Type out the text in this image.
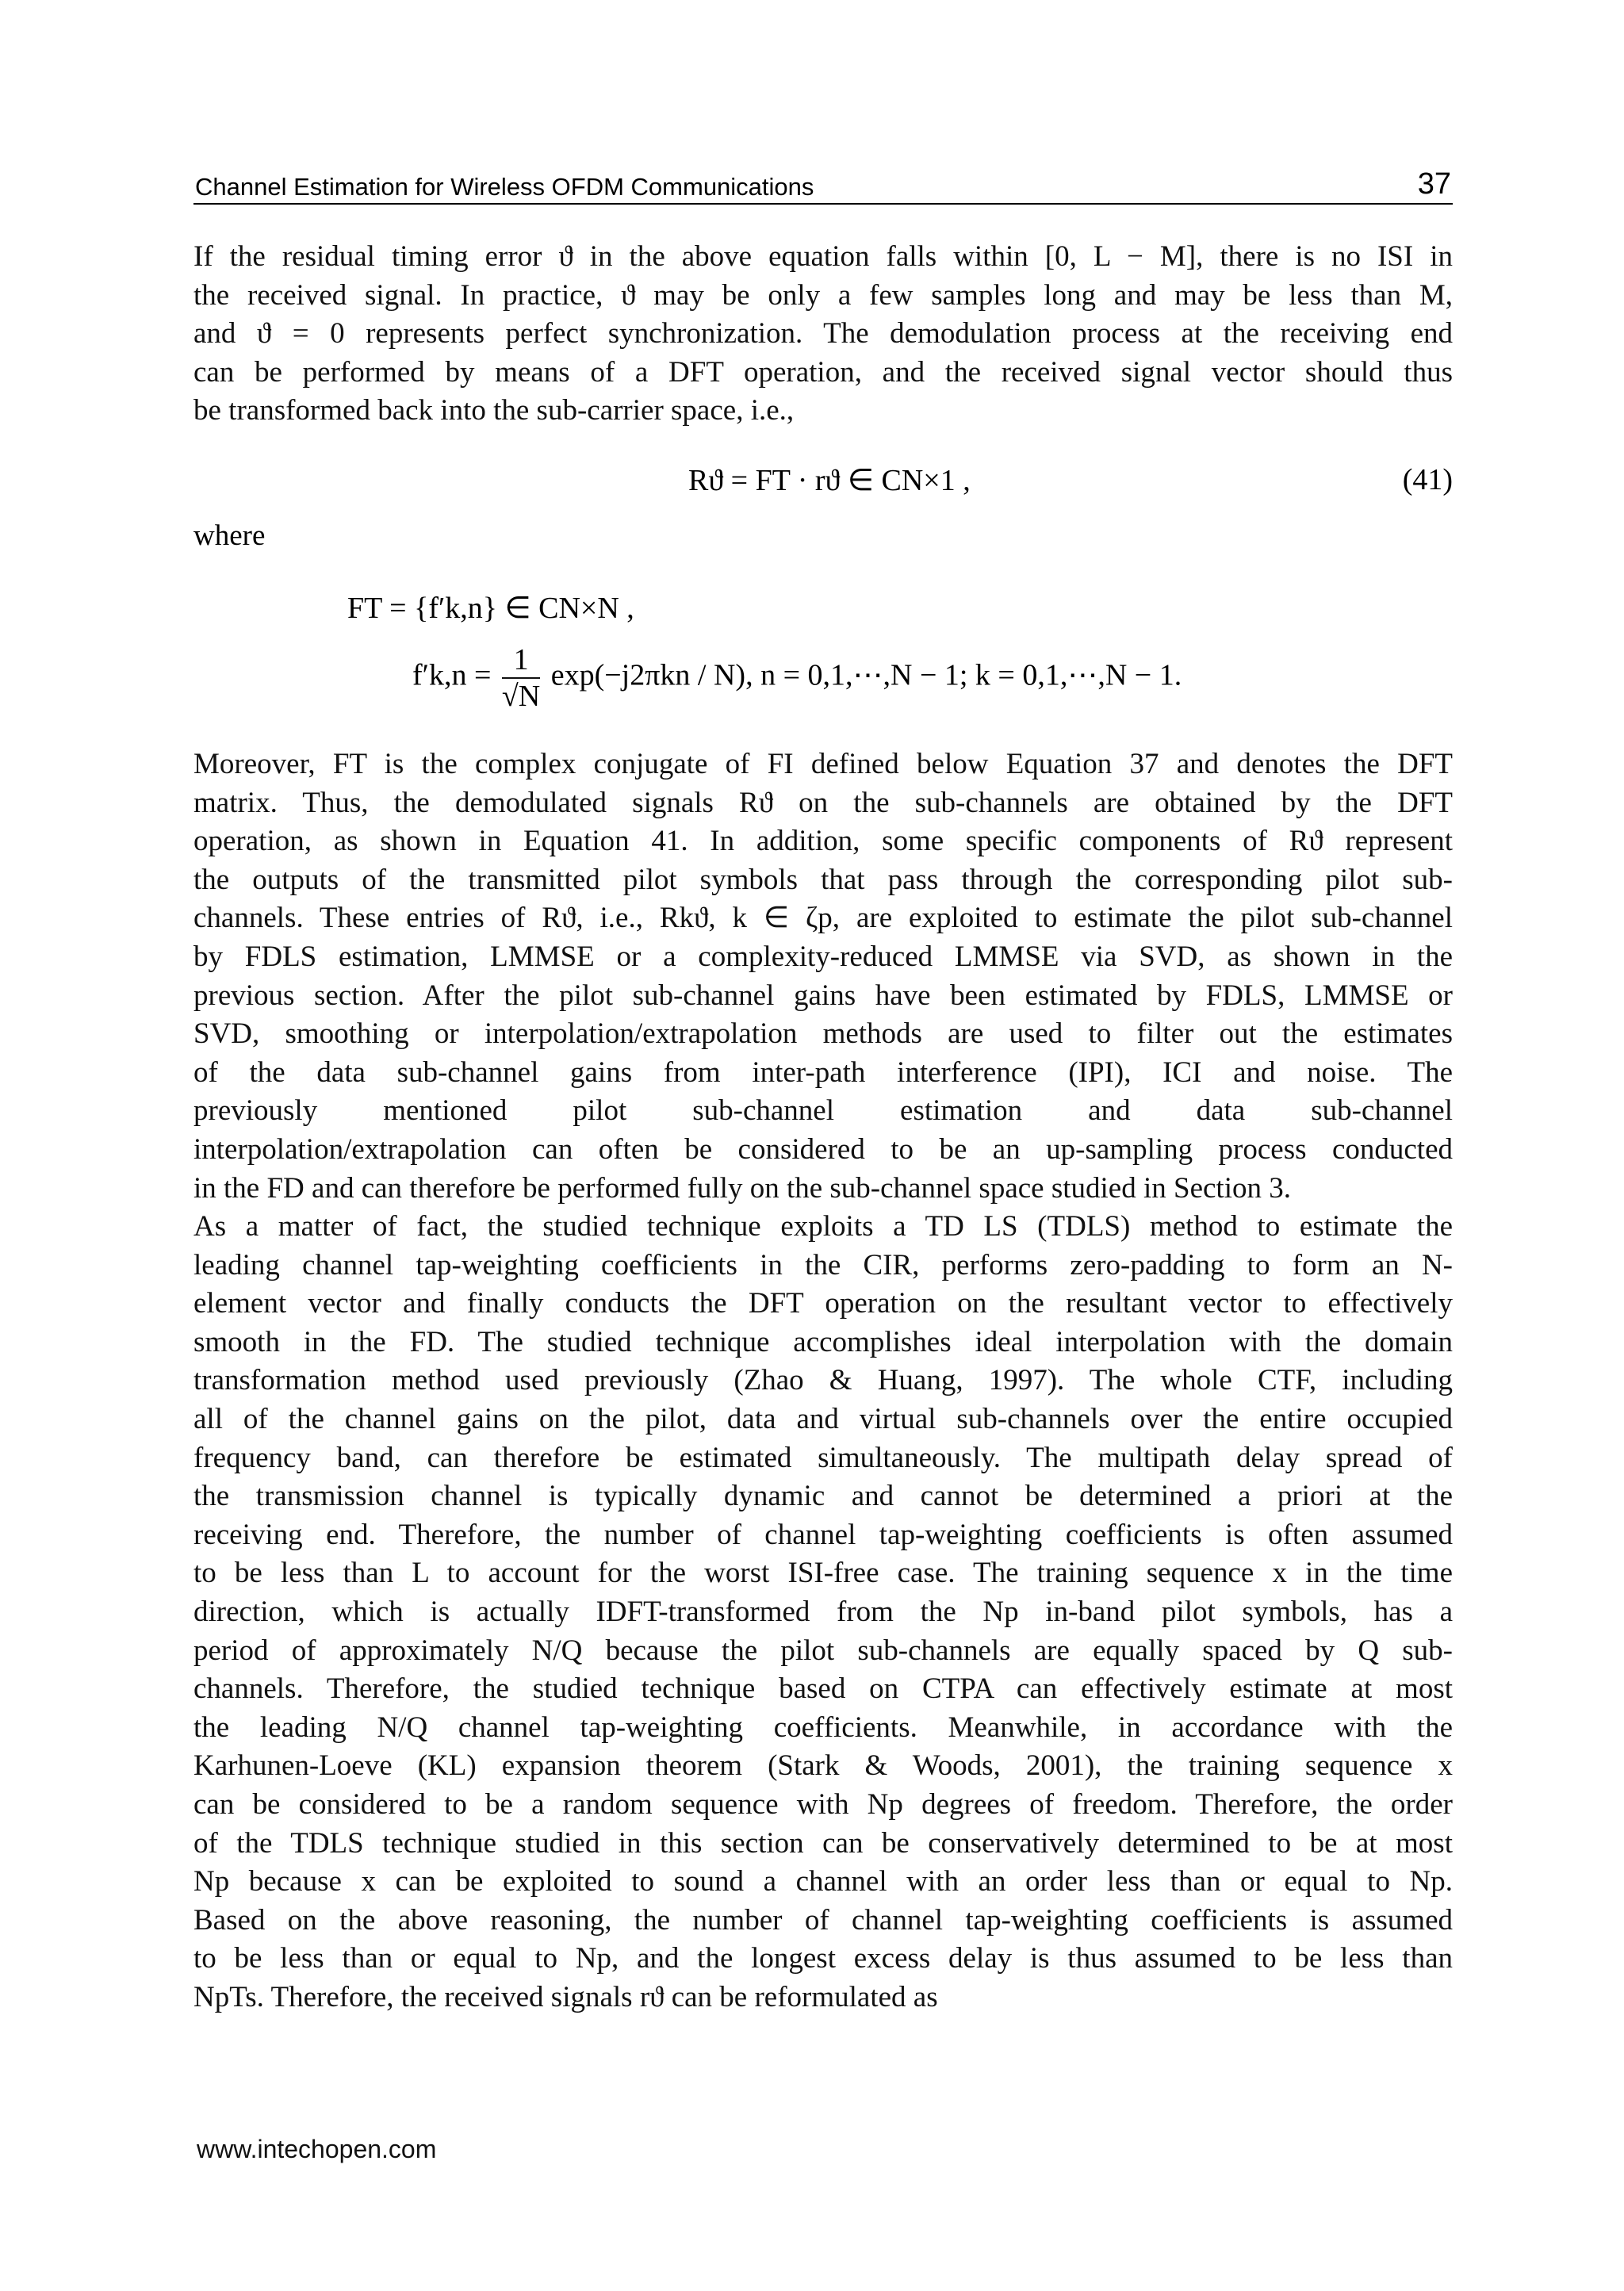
Channel Estimation for Wireless OFDM Communications	37
If the residual timing error ϑ in the above equation falls within [0, L − M], there is no ISI in
the received signal. In practice, ϑ may be only a few samples long and may be less than M,
and ϑ = 0 represents perfect synchronization. The demodulation process at the receiving end
can be performed by means of a DFT operation, and the received signal vector should thus
be transformed back into the sub-carrier space, i.e.,
Rϑ = FT · rϑ ∈ CN×1 ,	(41)
where
FT = {f′k,n} ∈ CN×N ,
$f'k,n = \frac{1}{√N} \exp(-j2\pi kn / N)$, n = 0,1,⋯,N − 1; k = 0,1,⋯,N − 1.
Moreover, FT is the complex conjugate of FI defined below Equation 37 and denotes the DFT
matrix. Thus, the demodulated signals Rϑ on the sub-channels are obtained by the DFT
operation, as shown in Equation 41. In addition, some specific components of Rϑ represent
the outputs of the transmitted pilot symbols that pass through the corresponding pilot sub-
channels. These entries of Rϑ, i.e., Rkϑ, k ∈ ζp, are exploited to estimate the pilot sub-channel
by FDLS estimation, LMMSE or a complexity-reduced LMMSE via SVD, as shown in the
previous section. After the pilot sub-channel gains have been estimated by FDLS, LMMSE or
SVD, smoothing or interpolation/extrapolation methods are used to filter out the estimates
of the data sub-channel gains from inter-path interference (IPI), ICI and noise. The
previously mentioned pilot sub-channel estimation and data sub-channel
interpolation/extrapolation can often be considered to be an up-sampling process conducted
in the FD and can therefore be performed fully on the sub-channel space studied in Section 3.
As a matter of fact, the studied technique exploits a TD LS (TDLS) method to estimate the
leading channel tap-weighting coefficients in the CIR, performs zero-padding to form an N-
element vector and finally conducts the DFT operation on the resultant vector to effectively
smooth in the FD. The studied technique accomplishes ideal interpolation with the domain
transformation method used previously (Zhao & Huang, 1997). The whole CTF, including
all of the channel gains on the pilot, data and virtual sub-channels over the entire occupied
frequency band, can therefore be estimated simultaneously. The multipath delay spread of
the transmission channel is typically dynamic and cannot be determined a priori at the
receiving end. Therefore, the number of channel tap-weighting coefficients is often assumed
to be less than L to account for the worst ISI-free case. The training sequence x in the time
direction, which is actually IDFT-transformed from the Np in-band pilot symbols, has a
period of approximately N/Q because the pilot sub-channels are equally spaced by Q sub-
channels. Therefore, the studied technique based on CTPA can effectively estimate at most
the leading N/Q channel tap-weighting coefficients. Meanwhile, in accordance with the
Karhunen-Loeve (KL) expansion theorem (Stark & Woods, 2001), the training sequence x
can be considered to be a random sequence with Np degrees of freedom. Therefore, the order
of the TDLS technique studied in this section can be conservatively determined to be at most
Np because x can be exploited to sound a channel with an order less than or equal to Np.
Based on the above reasoning, the number of channel tap-weighting coefficients is assumed
to be less than or equal to Np, and the longest excess delay is thus assumed to be less than
NpTs. Therefore, the received signals rϑ can be reformulated as
www.intechopen.com
